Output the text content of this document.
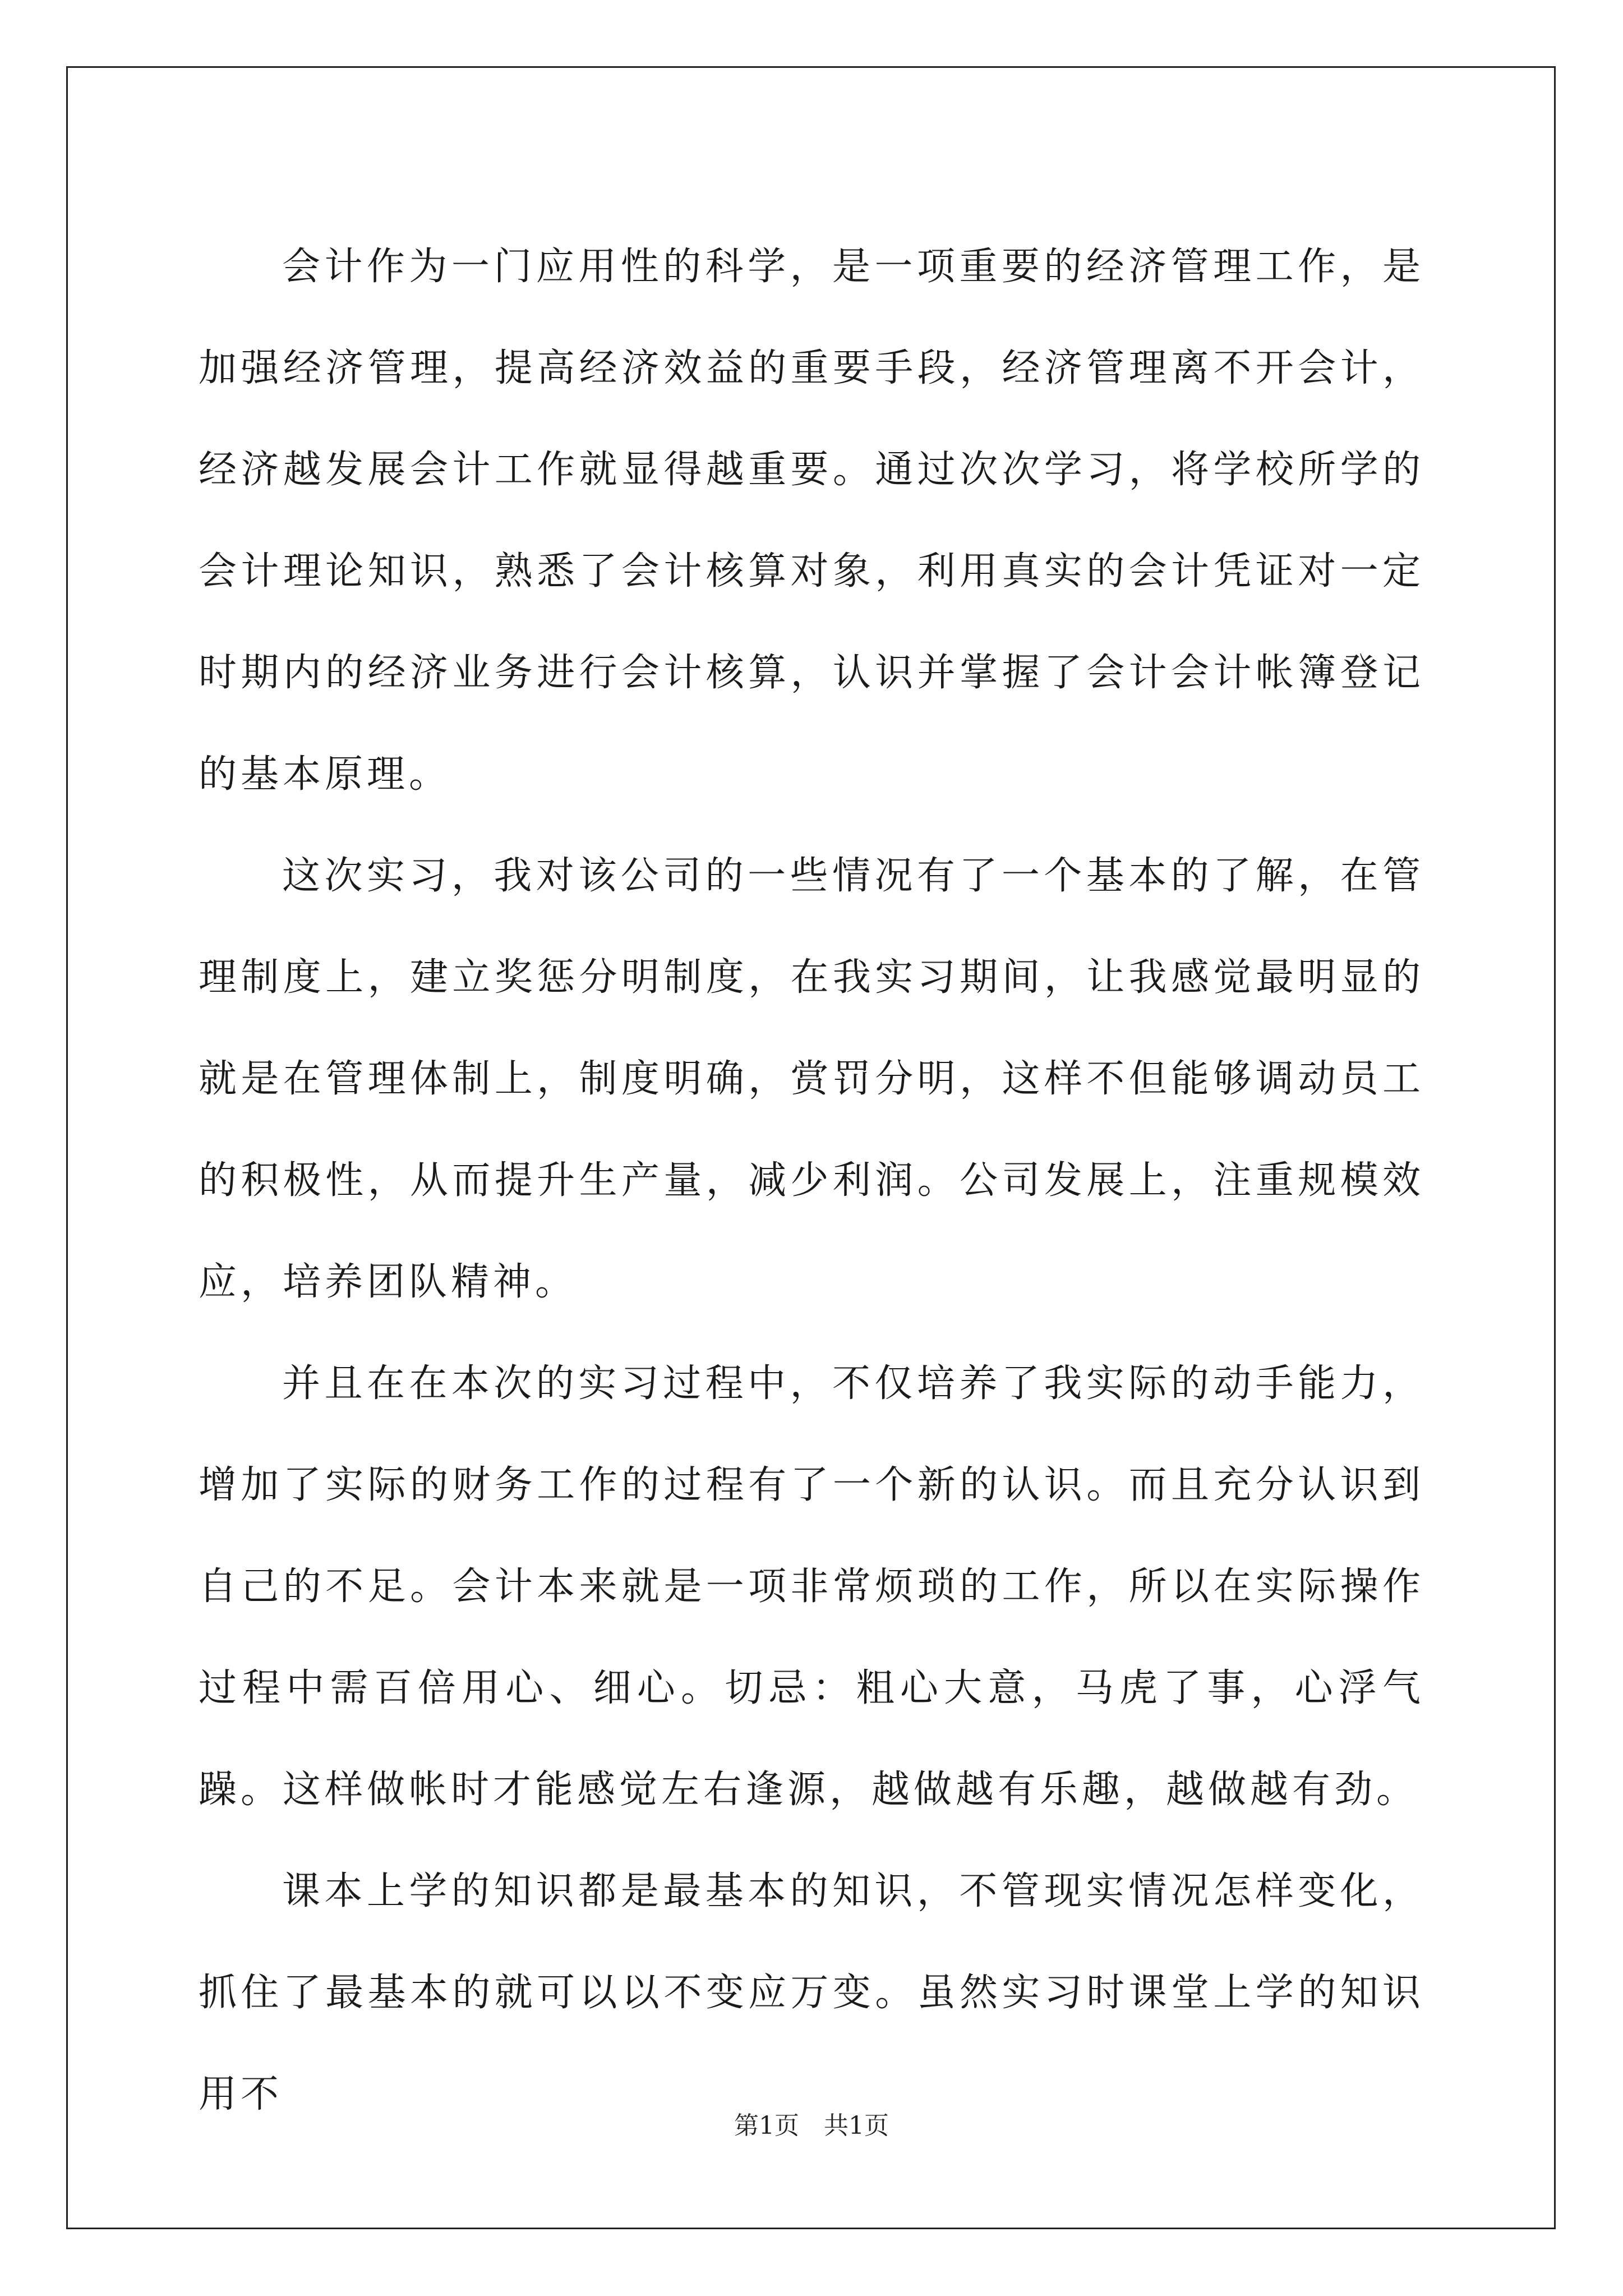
会计作为一门应用性的科学，是一项重要的经济管理工作，是加强经济管理，提高经济效益的重要手段，经济管理离不开会计，经济越发展会计工作就显得越重要。通过次次学习，将学校所学的会计理论知识，熟悉了会计核算对象，利用真实的会计凭证对一定时期内的经济业务进行会计核算，认识并掌握了会计会计帐簿登记的基本原理。

这次实习，我对该公司的一些情况有了一个基本的了解，在管理制度上，建立奖惩分明制度，在我实习期间，让我感觉最明显的就是在管理体制上，制度明确，赏罚分明，这样不但能够调动员工的积极性，从而提升生产量，减少利润。公司发展上，注重规模效应，培养团队精神。

并且在在本次的实习过程中，不仅培养了我实际的动手能力，增加了实际的财务工作的过程有了一个新的认识。而且充分认识到自己的不足。会计本来就是一项非常烦琐的工作，所以在实际操作过程中需百倍用心、细心。切忌：粗心大意，马虎了事，心浮气躁。这样做帐时才能感觉左右逢源，越做越有乐趣，越做越有劲。

课本上学的知识都是最基本的知识，不管现实情况怎样变化，抓住了最基本的就可以以不变应万变。虽然实习时课堂上学的知识用不

第1页 共1页
